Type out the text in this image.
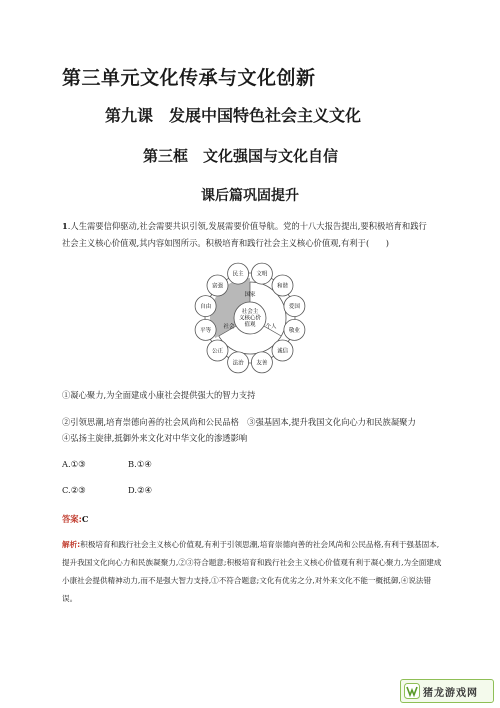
第三单元文化传承与文化创新
第九课　发展中国特色社会主义文化
第三框　文化强国与文化自信
课后篇巩固提升
1.人生需要信仰驱动,社会需要共识引领,发展需要价值导航。党的十八大报告提出,要积极培育和践行社会主义核心价值观,其内容如图所示。积极培育和践行社会主义核心价值观,有利于(　　)
社会主
义核心价
值观
国家
个人
社会
民主 文明
和谐
爱国
敬业
诚信
友善
法治
公正
平等
自由
富强
①凝心聚力,为全面建成小康社会提供强大的智力支持
②引领思潮,培育崇德向善的社会风尚和公民品格　③强基固本,提升我国文化向心力和民族凝聚力
④弘扬主旋律,抵御外来文化对中华文化的渗透影响
A.①③	B.①④
C.②③	D.②④
答案:C
解析:积极培育和践行社会主义核心价值观,有利于引领思潮,培育崇德向善的社会风尚和公民品格,有利于强基固本,提升我国文化向心力和民族凝聚力,②③符合题意;积极培育和践行社会主义核心价值观有利于凝心聚力,为全面建成小康社会提供精神动力,而不是强大智力支持,①不符合题意;文化有优劣之分,对外来文化不能一概抵御,④说法错误。
猪龙游戏网
